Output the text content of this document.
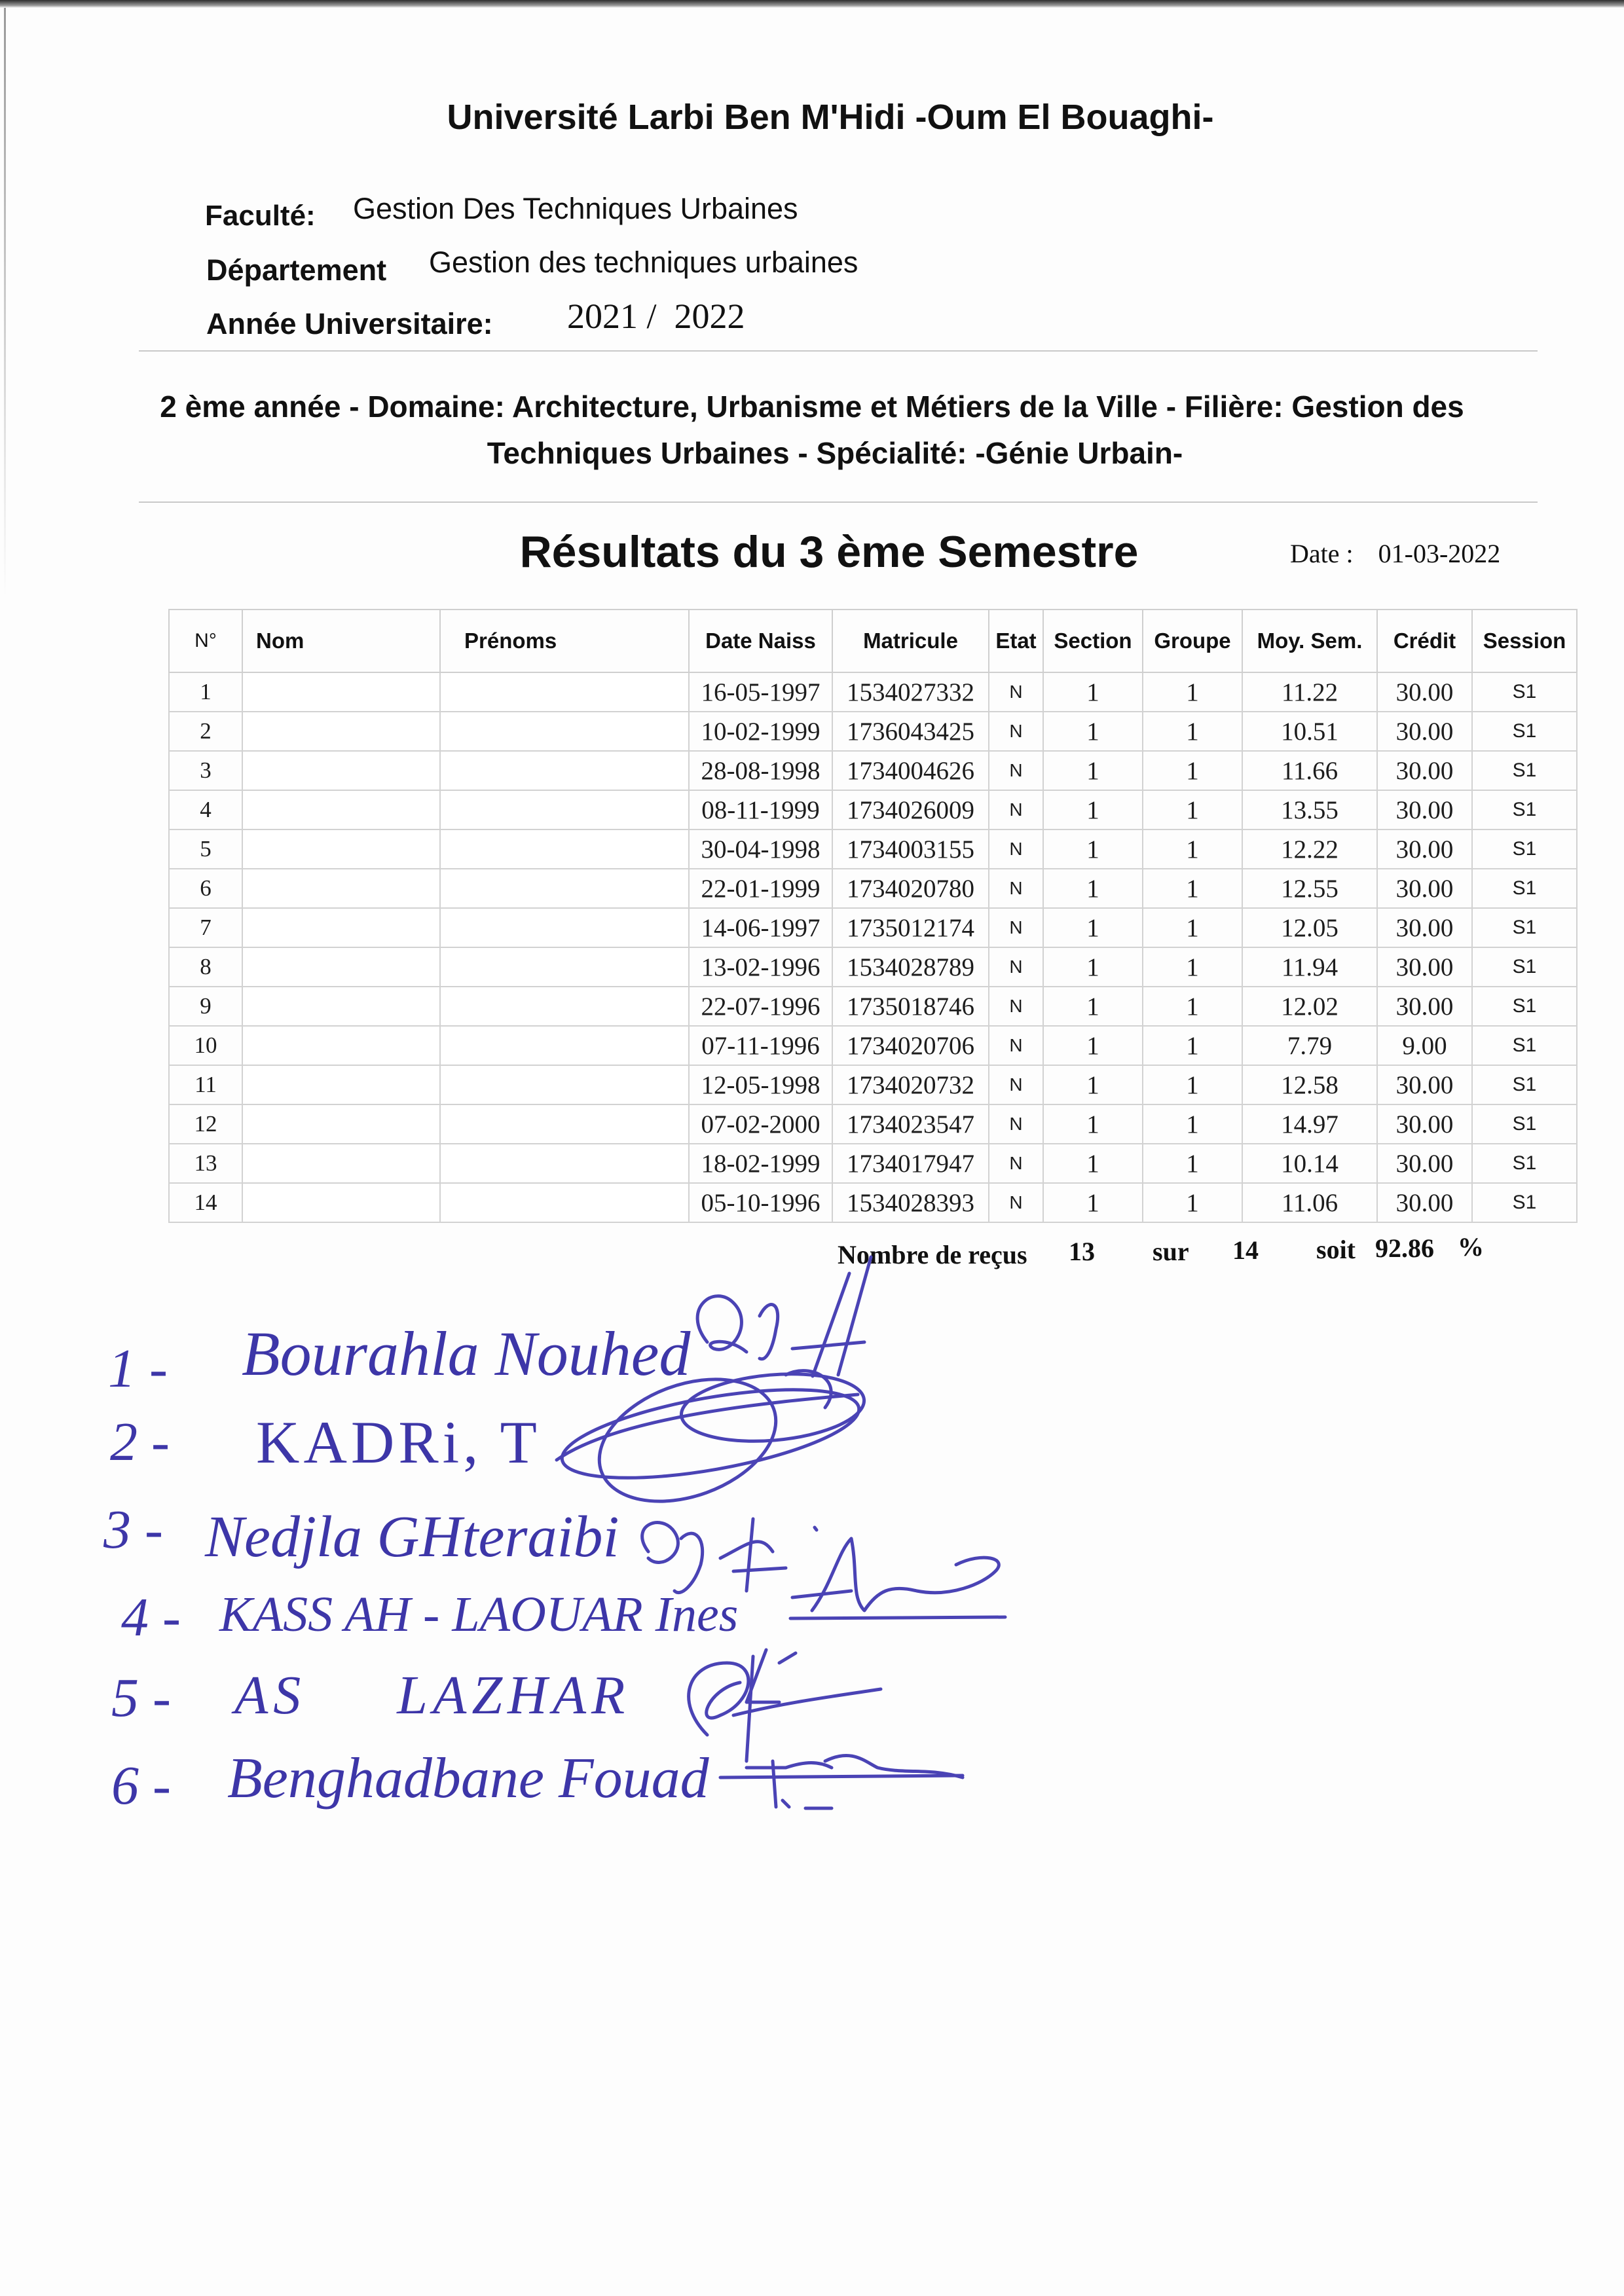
Université Larbi Ben M'Hidi -Oum El Bouaghi-
Faculté: Gestion Des Techniques Urbaines
Département Gestion des techniques urbaines
Année Universitaire: 2021 /  2022
2 ème année - Domaine: Architecture, Urbanisme et Métiers de la Ville - Filière: Gestion des
Techniques Urbaines - Spécialité: -Génie Urbain-
Résultats du 3 ème Semestre	Date : 01-03-2022
N°	Nom	Prénoms	Date Naiss	Matricule	Etat	Section	Groupe	Moy. Sem.	Crédit	Session
1			16-05-1997	1534027332	N	1	1	11.22	30.00	S1
2			10-02-1999	1736043425	N	1	1	10.51	30.00	S1
3			28-08-1998	1734004626	N	1	1	11.66	30.00	S1
4			08-11-1999	1734026009	N	1	1	13.55	30.00	S1
5			30-04-1998	1734003155	N	1	1	12.22	30.00	S1
6			22-01-1999	1734020780	N	1	1	12.55	30.00	S1
7			14-06-1997	1735012174	N	1	1	12.05	30.00	S1
8			13-02-1996	1534028789	N	1	1	11.94	30.00	S1
9			22-07-1996	1735018746	N	1	1	12.02	30.00	S1
10			07-11-1996	1734020706	N	1	1	7.79	9.00	S1
11			12-05-1998	1734020732	N	1	1	12.58	30.00	S1
12			07-02-2000	1734023547	N	1	1	14.97	30.00	S1
13			18-02-1999	1734017947	N	1	1	10.14	30.00	S1
14			05-10-1996	1534028393	N	1	1	11.06	30.00	S1
Nombre de reçus 13 sur 14 soit 92.86 %
1 - Bourahla Nouhed
2 - KADRi, T
3 - Nedjla GHteraibi
4 - KASS AH - LAOUAR Ines
5 - AS LAZHAR
6 - Benghadbane Fouad
